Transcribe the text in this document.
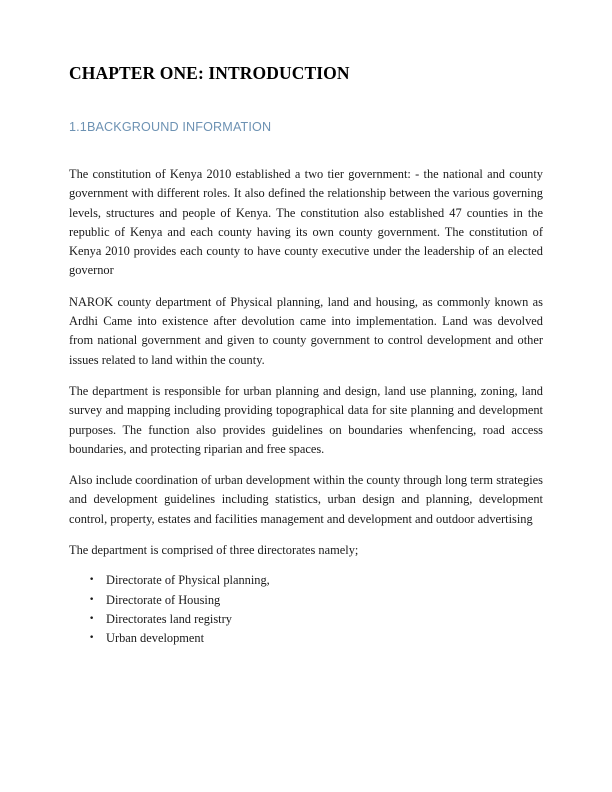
CHAPTER ONE: INTRODUCTION
1.1BACKGROUND INFORMATION

The constitution of Kenya 2010 established a two tier government: - the national and county government with different roles. It also defined the relationship between the various governing levels, structures and people of Kenya. The constitution also established 47 counties in the republic of Kenya and each county having its own county government. The constitution of Kenya 2010 provides each county to have county executive under the leadership of an elected governor

NAROK county department of Physical planning, land and housing, as commonly known as Ardhi Came into existence after devolution came into implementation. Land was devolved from national government and given to county government to control development and other issues related to land within the county.

The department is responsible for urban planning and design, land use planning, zoning, land survey and mapping including providing topographical data for site planning and development purposes. The function also provides guidelines on boundaries whenfencing, road access boundaries, and protecting riparian and free spaces.

Also include coordination of urban development within the county through long term strategies and development guidelines including statistics, urban design and planning, development control, property, estates and facilities management and development and outdoor advertising

The department is comprised of three directorates namely;

• Directorate of Physical planning,
• Directorate of Housing
• Directorates land registry
• Urban development
